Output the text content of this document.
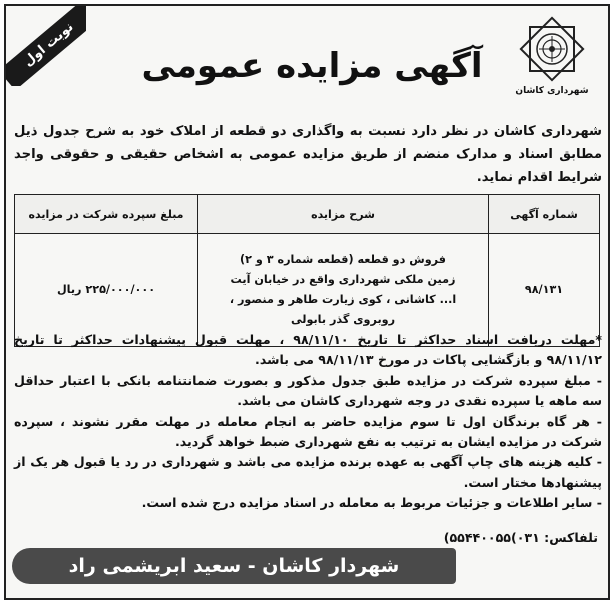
نوبت اول
شهرداری کاشان
آگهی مزایده عمومی
شهرداری کاشان در نظر دارد نسبت به واگذاری دو قطعه از املاک خود به شرح جدول ذیل مطابق اسناد و مدارک منضم از طریق مزایده عمومی به اشخاص حقیقی و حقوقی واجد شرایط اقدام نماید.
شماره آگهی	شرح مزایده	مبلغ سپرده شرکت در مزایده
۹۸/۱۳۱	فروش دو قطعه (قطعه شماره ۳ و ۲) زمین ملکی شهرداری واقع در خیابان آیت ا... کاشانی ، کوی زیارت طاهر و منصور ، روبروی گذر بابولی	۲۲۵/۰۰۰/۰۰۰ ریال

*مهلت دریافت اسناد حداکثر تا تاریخ ۹۸/۱۱/۱۰ ، مهلت قبول پیشنهادات حداکثر تا تاریخ ۹۸/۱۱/۱۲ و بازگشایی پاکات در مورخ ۹۸/۱۱/۱۳ می باشد.

- مبلغ سپرده شرکت در مزایده طبق جدول مذکور و بصورت ضمانتنامه بانکی با اعتبار حداقل سه ماهه یا سپرده نقدی در وجه شهرداری کاشان می باشد.

- هر گاه برندگان اول تا سوم مزایده حاضر به انجام معامله در مهلت مقرر نشوند ، سپرده شرکت در مزایده ایشان به ترتیب به نفع شهرداری ضبط خواهد گردید.

- کلیه هزینه های چاپ آگهی به عهده برنده مزایده می باشد و شهرداری در رد یا قبول هر یک از پیشنهادها مختار است.

- سایر اطلاعات و جزئیات مربوط به معامله در اسناد مزایده درج شده است.

تلفاکس: ۰۳۱)۵۵۴۴۰۰۵۵)
شهردار کاشان - سعید ابریشمی راد
